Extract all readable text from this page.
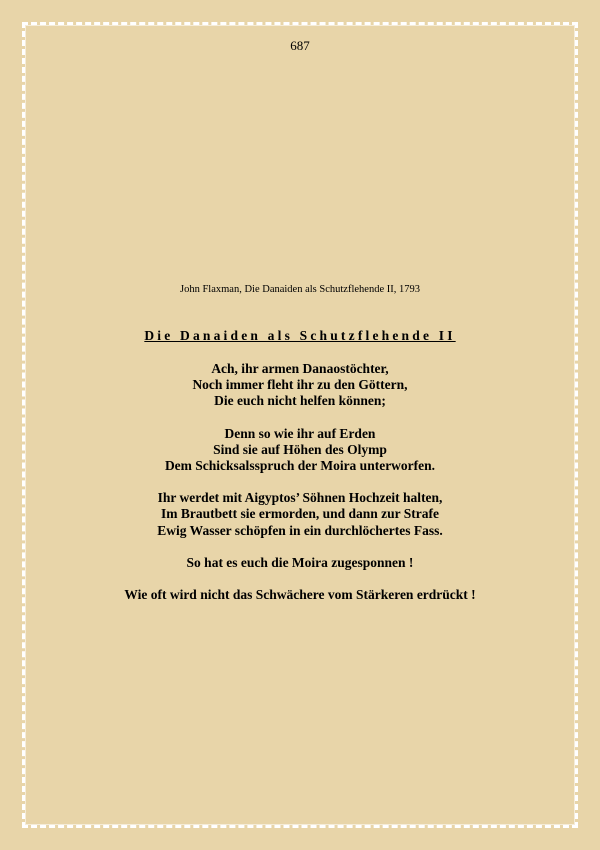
687
John Flaxman, Die Danaiden als Schutzflehende II, 1793
Die Danaiden als Schutzflehende II
Ach, ihr armen Danaostöchter,
Noch immer fleht ihr zu den Göttern,
Die euch nicht helfen können;
Denn so wie ihr auf Erden
Sind sie auf Höhen des Olymp
Dem Schicksalsspruch der Moira unterworfen.
Ihr werdet mit Aigyptos’ Söhnen Hochzeit halten,
Im Brautbett sie ermorden, und dann zur Strafe
Ewig Wasser schöpfen in ein durchlöchertes Fass.
So hat es euch die Moira zugesponnen !
Wie oft wird nicht das Schwächere vom Stärkeren erdrückt !
